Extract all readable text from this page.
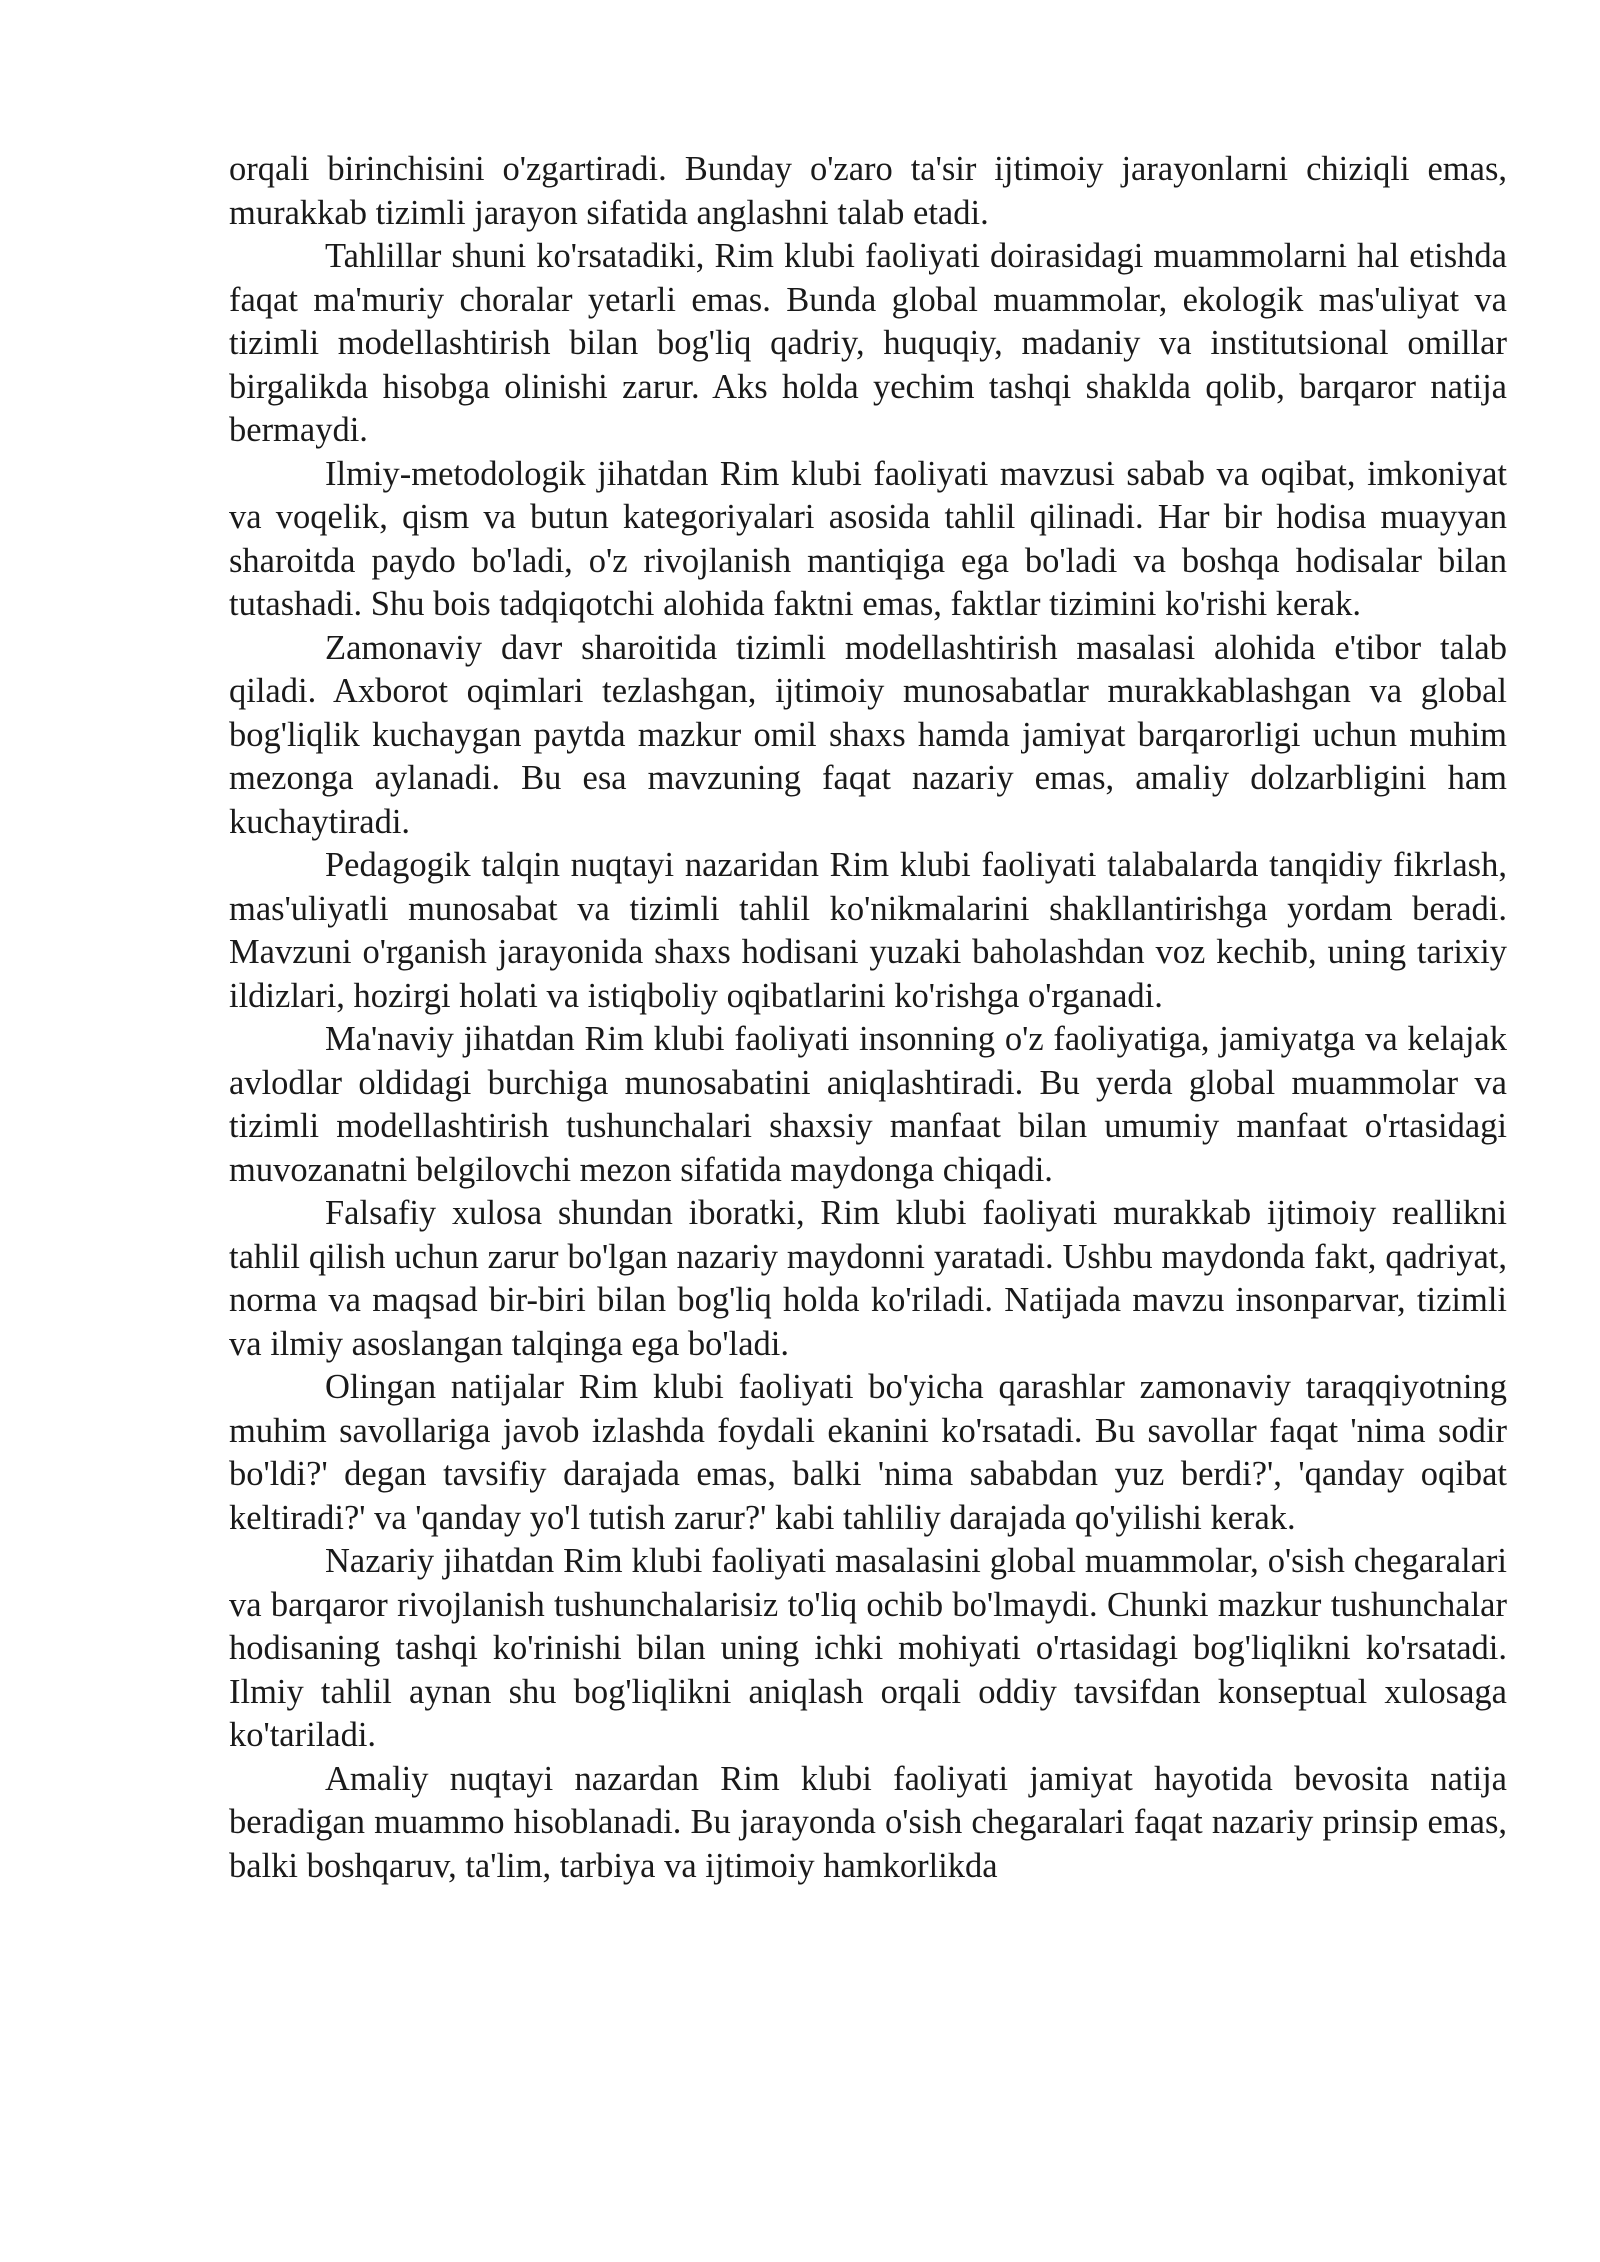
orqali birinchisini o'zgartiradi. Bunday o'zaro ta'sir ijtimoiy jarayonlarni chiziqli emas, murakkab tizimli jarayon sifatida anglashni talab etadi.

Tahlillar shuni ko'rsatadiki, Rim klubi faoliyati doirasidagi muammolarni hal etishda faqat ma'muriy choralar yetarli emas. Bunda global muammolar, ekologik mas'uliyat va tizimli modellashtirish bilan bog'liq qadriy, huquqiy, madaniy va institutsional omillar birgalikda hisobga olinishi zarur. Aks holda yechim tashqi shaklda qolib, barqaror natija bermaydi.

Ilmiy-metodologik jihatdan Rim klubi faoliyati mavzusi sabab va oqibat, imkoniyat va voqelik, qism va butun kategoriyalari asosida tahlil qilinadi. Har bir hodisa muayyan sharoitda paydo bo'ladi, o'z rivojlanish mantiqiga ega bo'ladi va boshqa hodisalar bilan tutashadi. Shu bois tadqiqotchi alohida faktni emas, faktlar tizimini ko'rishi kerak.

Zamonaviy davr sharoitida tizimli modellashtirish masalasi alohida e'tibor talab qiladi. Axborot oqimlari tezlashgan, ijtimoiy munosabatlar murakkablashgan va global bog'liqlik kuchaygan paytda mazkur omil shaxs hamda jamiyat barqarorligi uchun muhim mezonga aylanadi. Bu esa mavzuning faqat nazariy emas, amaliy dolzarbligini ham kuchaytiradi.

Pedagogik talqin nuqtayi nazaridan Rim klubi faoliyati talabalarda tanqidiy fikrlash, mas'uliyatli munosabat va tizimli tahlil ko'nikmalarini shakllantirishga yordam beradi. Mavzuni o'rganish jarayonida shaxs hodisani yuzaki baholashdan voz kechib, uning tarixiy ildizlari, hozirgi holati va istiqboliy oqibatlarini ko'rishga o'rganadi.

Ma'naviy jihatdan Rim klubi faoliyati insonning o'z faoliyatiga, jamiyatga va kelajak avlodlar oldidagi burchiga munosabatini aniqlashtiradi. Bu yerda global muammolar va tizimli modellashtirish tushunchalari shaxsiy manfaat bilan umumiy manfaat o'rtasidagi muvozanatni belgilovchi mezon sifatida maydonga chiqadi.

Falsafiy xulosa shundan iboratki, Rim klubi faoliyati murakkab ijtimoiy reallikni tahlil qilish uchun zarur bo'lgan nazariy maydonni yaratadi. Ushbu maydonda fakt, qadriyat, norma va maqsad bir-biri bilan bog'liq holda ko'riladi. Natijada mavzu insonparvar, tizimli va ilmiy asoslangan talqinga ega bo'ladi.

Olingan natijalar Rim klubi faoliyati bo'yicha qarashlar zamonaviy taraqqiyotning muhim savollariga javob izlashda foydali ekanini ko'rsatadi. Bu savollar faqat 'nima sodir bo'ldi?' degan tavsifiy darajada emas, balki 'nima sababdan yuz berdi?', 'qanday oqibat keltiradi?' va 'qanday yo'l tutish zarur?' kabi tahliliy darajada qo'yilishi kerak.

Nazariy jihatdan Rim klubi faoliyati masalasini global muammolar, o'sish chegaralari va barqaror rivojlanish tushunchalarisiz to'liq ochib bo'lmaydi. Chunki mazkur tushunchalar hodisaning tashqi ko'rinishi bilan uning ichki mohiyati o'rtasidagi bog'liqlikni ko'rsatadi. Ilmiy tahlil aynan shu bog'liqlikni aniqlash orqali oddiy tavsifdan konseptual xulosaga ko'tariladi.

Amaliy nuqtayi nazardan Rim klubi faoliyati jamiyat hayotida bevosita natija beradigan muammo hisoblanadi. Bu jarayonda o'sish chegaralari faqat nazariy prinsip emas, balki boshqaruv, ta'lim, tarbiya va ijtimoiy hamkorlikda
